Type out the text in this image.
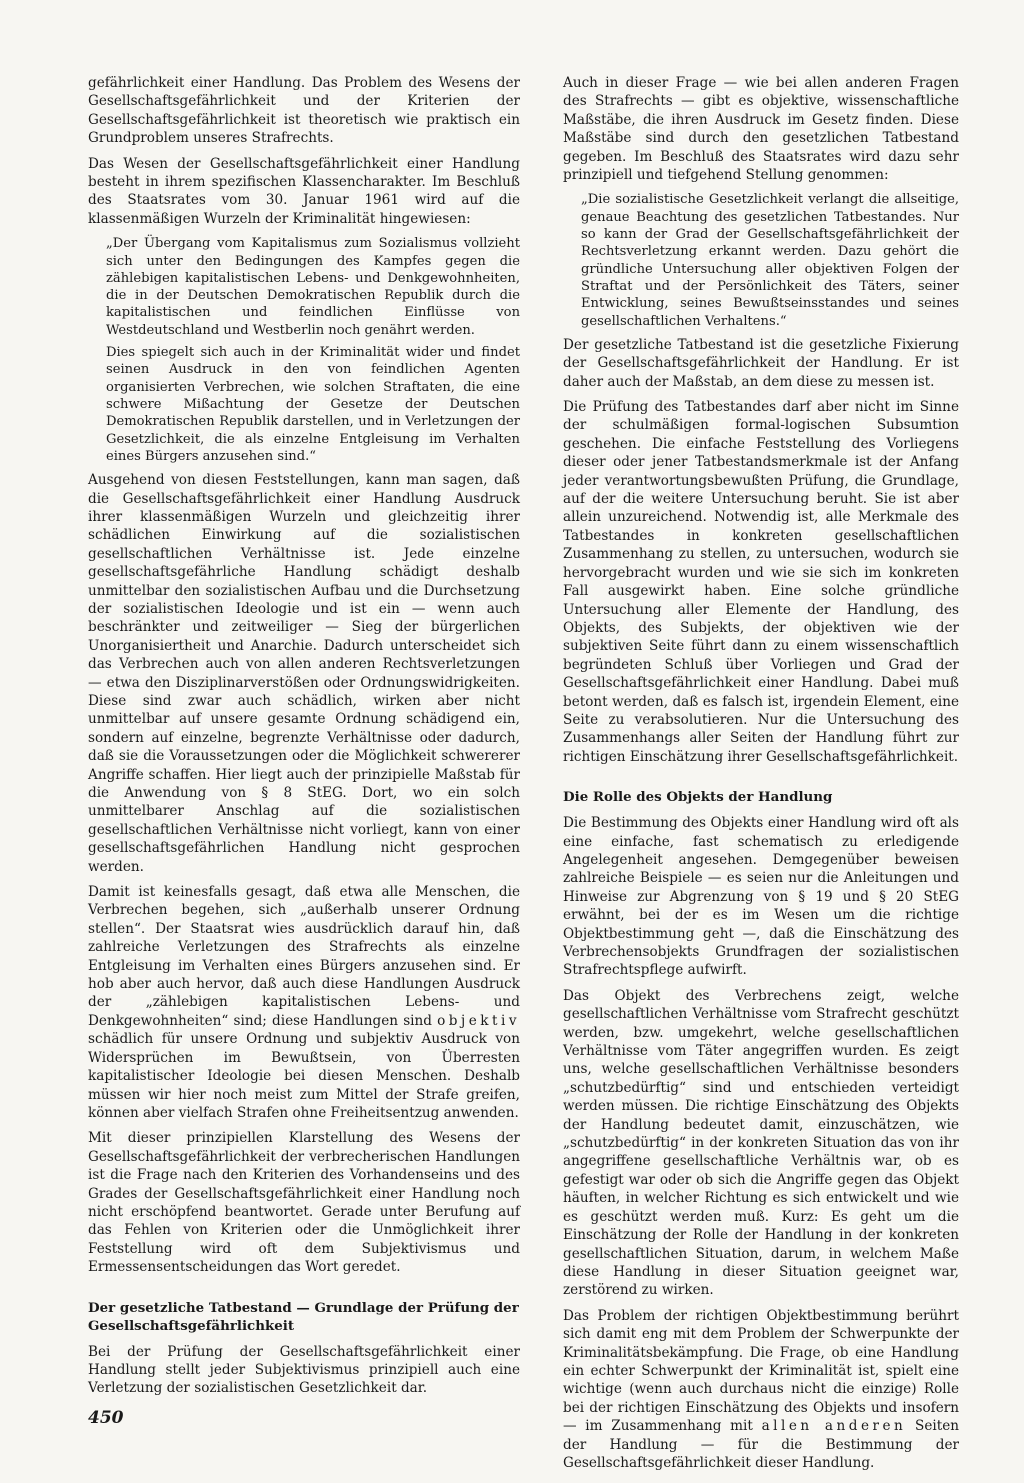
gefährlichkeit einer Handlung. Das Problem des Wesens der Gesellschaftsgefährlichkeit und der Kriterien der Gesellschaftsgefährlichkeit ist theoretisch wie praktisch ein Grundproblem unseres Strafrechts.

Das Wesen der Gesellschaftsgefährlichkeit einer Handlung besteht in ihrem spezifischen Klassencharakter. Im Beschluß des Staatsrates vom 30. Januar 1961 wird auf die klassenmäßigen Wurzeln der Kriminalität hingewiesen:

„Der Übergang vom Kapitalismus zum Sozialismus vollzieht sich unter den Bedingungen des Kampfes gegen die zählebigen kapitalistischen Lebens- und Denkgewohnheiten, die in der Deutschen Demokratischen Republik durch die kapitalistischen und feindlichen Einflüsse von Westdeutschland und Westberlin noch genährt werden.

Dies spiegelt sich auch in der Kriminalität wider und findet seinen Ausdruck in den von feindlichen Agenten organisierten Verbrechen, wie solchen Straftaten, die eine schwere Mißachtung der Gesetze der Deutschen Demokratischen Republik darstellen, und in Verletzungen der Gesetzlichkeit, die als einzelne Entgleisung im Verhalten eines Bürgers anzusehen sind.“

Ausgehend von diesen Feststellungen, kann man sagen, daß die Gesellschaftsgefährlichkeit einer Handlung Ausdruck ihrer klassenmäßigen Wurzeln und gleichzeitig ihrer schädlichen Einwirkung auf die sozialistischen gesellschaftlichen Verhältnisse ist. Jede einzelne gesellschaftsgefährliche Handlung schädigt deshalb unmittelbar den sozialistischen Aufbau und die Durchsetzung der sozialistischen Ideologie und ist ein — wenn auch beschränkter und zeitweiliger — Sieg der bürgerlichen Unorganisiertheit und Anarchie. Dadurch unterscheidet sich das Verbrechen auch von allen anderen Rechtsverletzungen — etwa den Disziplinarverstößen oder Ordnungswidrigkeiten. Diese sind zwar auch schädlich, wirken aber nicht unmittelbar auf unsere gesamte Ordnung schädigend ein, sondern auf einzelne, begrenzte Verhältnisse oder dadurch, daß sie die Voraussetzungen oder die Möglichkeit schwererer Angriffe schaffen. Hier liegt auch der prinzipielle Maßstab für die Anwendung von § 8 StEG. Dort, wo ein solch unmittelbarer Anschlag auf die sozialistischen gesellschaftlichen Verhältnisse nicht vorliegt, kann von einer gesellschaftsgefährlichen Handlung nicht gesprochen werden.

Damit ist keinesfalls gesagt, daß etwa alle Menschen, die Verbrechen begehen, sich „außerhalb unserer Ordnung stellen“. Der Staatsrat wies ausdrücklich darauf hin, daß zahlreiche Verletzungen des Strafrechts als einzelne Entgleisung im Verhalten eines Bürgers anzusehen sind. Er hob aber auch hervor, daß auch diese Handlungen Ausdruck der „zählebigen kapitalistischen Lebens- und Denkgewohnheiten“ sind; diese Handlungen sind objektiv schädlich für unsere Ordnung und subjektiv Ausdruck von Widersprüchen im Bewußtsein, von Überresten kapitalistischer Ideologie bei diesen Menschen. Deshalb müssen wir hier noch meist zum Mittel der Strafe greifen, können aber vielfach Strafen ohne Freiheitsentzug anwenden.

Mit dieser prinzipiellen Klarstellung des Wesens der Gesellschaftsgefährlichkeit der verbrecherischen Handlungen ist die Frage nach den Kriterien des Vorhandenseins und des Grades der Gesellschaftsgefährlichkeit einer Handlung noch nicht erschöpfend beantwortet. Gerade unter Berufung auf das Fehlen von Kriterien oder die Unmöglichkeit ihrer Feststellung wird oft dem Subjektivismus und Ermessensentscheidungen das Wort geredet.

Der gesetzliche Tatbestand — Grundlage der Prüfung der Gesellschaftsgefährlichkeit

Bei der Prüfung der Gesellschaftsgefährlichkeit einer Handlung stellt jeder Subjektivismus prinzipiell auch eine Verletzung der sozialistischen Gesetzlichkeit dar.

Auch in dieser Frage — wie bei allen anderen Fragen des Strafrechts — gibt es objektive, wissenschaftliche Maßstäbe, die ihren Ausdruck im Gesetz finden. Diese Maßstäbe sind durch den gesetzlichen Tatbestand gegeben. Im Beschluß des Staatsrates wird dazu sehr prinzipiell und tiefgehend Stellung genommen:

„Die sozialistische Gesetzlichkeit verlangt die allseitige, genaue Beachtung des gesetzlichen Tatbestandes. Nur so kann der Grad der Gesellschaftsgefährlichkeit der Rechtsverletzung erkannt werden. Dazu gehört die gründliche Untersuchung aller objektiven Folgen der Straftat und der Persönlichkeit des Täters, seiner Entwicklung, seines Bewußtseinsstandes und seines gesellschaftlichen Verhaltens.“

Der gesetzliche Tatbestand ist die gesetzliche Fixierung der Gesellschaftsgefährlichkeit der Handlung. Er ist daher auch der Maßstab, an dem diese zu messen ist.

Die Prüfung des Tatbestandes darf aber nicht im Sinne der schulmäßigen formal-logischen Subsumtion geschehen. Die einfache Feststellung des Vorliegens dieser oder jener Tatbestandsmerkmale ist der Anfang jeder verantwortungsbewußten Prüfung, die Grundlage, auf der die weitere Untersuchung beruht. Sie ist aber allein unzureichend. Notwendig ist, alle Merkmale des Tatbestandes in konkreten gesellschaftlichen Zusammenhang zu stellen, zu untersuchen, wodurch sie hervorgebracht wurden und wie sie sich im konkreten Fall ausgewirkt haben. Eine solche gründliche Untersuchung aller Elemente der Handlung, des Objekts, des Subjekts, der objektiven wie der subjektiven Seite führt dann zu einem wissenschaftlich begründeten Schluß über Vorliegen und Grad der Gesellschaftsgefährlichkeit einer Handlung. Dabei muß betont werden, daß es falsch ist, irgendein Element, eine Seite zu verabsolutieren. Nur die Untersuchung des Zusammenhangs aller Seiten der Handlung führt zur richtigen Einschätzung ihrer Gesellschaftsgefährlichkeit.

Die Rolle des Objekts der Handlung

Die Bestimmung des Objekts einer Handlung wird oft als eine einfache, fast schematisch zu erledigende Angelegenheit angesehen. Demgegenüber beweisen zahlreiche Beispiele — es seien nur die Anleitungen und Hinweise zur Abgrenzung von § 19 und § 20 StEG erwähnt, bei der es im Wesen um die richtige Objektbestimmung geht —, daß die Einschätzung des Verbrechensobjekts Grundfragen der sozialistischen Strafrechtspflege aufwirft.

Das Objekt des Verbrechens zeigt, welche gesellschaftlichen Verhältnisse vom Strafrecht geschützt werden, bzw. umgekehrt, welche gesellschaftlichen Verhältnisse vom Täter angegriffen wurden. Es zeigt uns, welche gesellschaftlichen Verhältnisse besonders „schutzbedürftig“ sind und entschieden verteidigt werden müssen. Die richtige Einschätzung des Objekts der Handlung bedeutet damit, einzuschätzen, wie „schutzbedürftig“ in der konkreten Situation das von ihr angegriffene gesellschaftliche Verhältnis war, ob es gefestigt war oder ob sich die Angriffe gegen das Objekt häuften, in welcher Richtung es sich entwickelt und wie es geschützt werden muß. Kurz: Es geht um die Einschätzung der Rolle der Handlung in der konkreten gesellschaftlichen Situation, darum, in welchem Maße diese Handlung in dieser Situation geeignet war, zerstörend zu wirken.

Das Problem der richtigen Objektbestimmung berührt sich damit eng mit dem Problem der Schwerpunkte der Kriminalitätsbekämpfung. Die Frage, ob eine Handlung ein echter Schwerpunkt der Kriminalität ist, spielt eine wichtige (wenn auch durchaus nicht die einzige) Rolle bei der richtigen Einschätzung des Objekts und insofern — im Zusammenhang mit allen anderen Seiten der Handlung — für die Bestimmung der Gesellschaftsgefährlichkeit dieser Handlung.

450
